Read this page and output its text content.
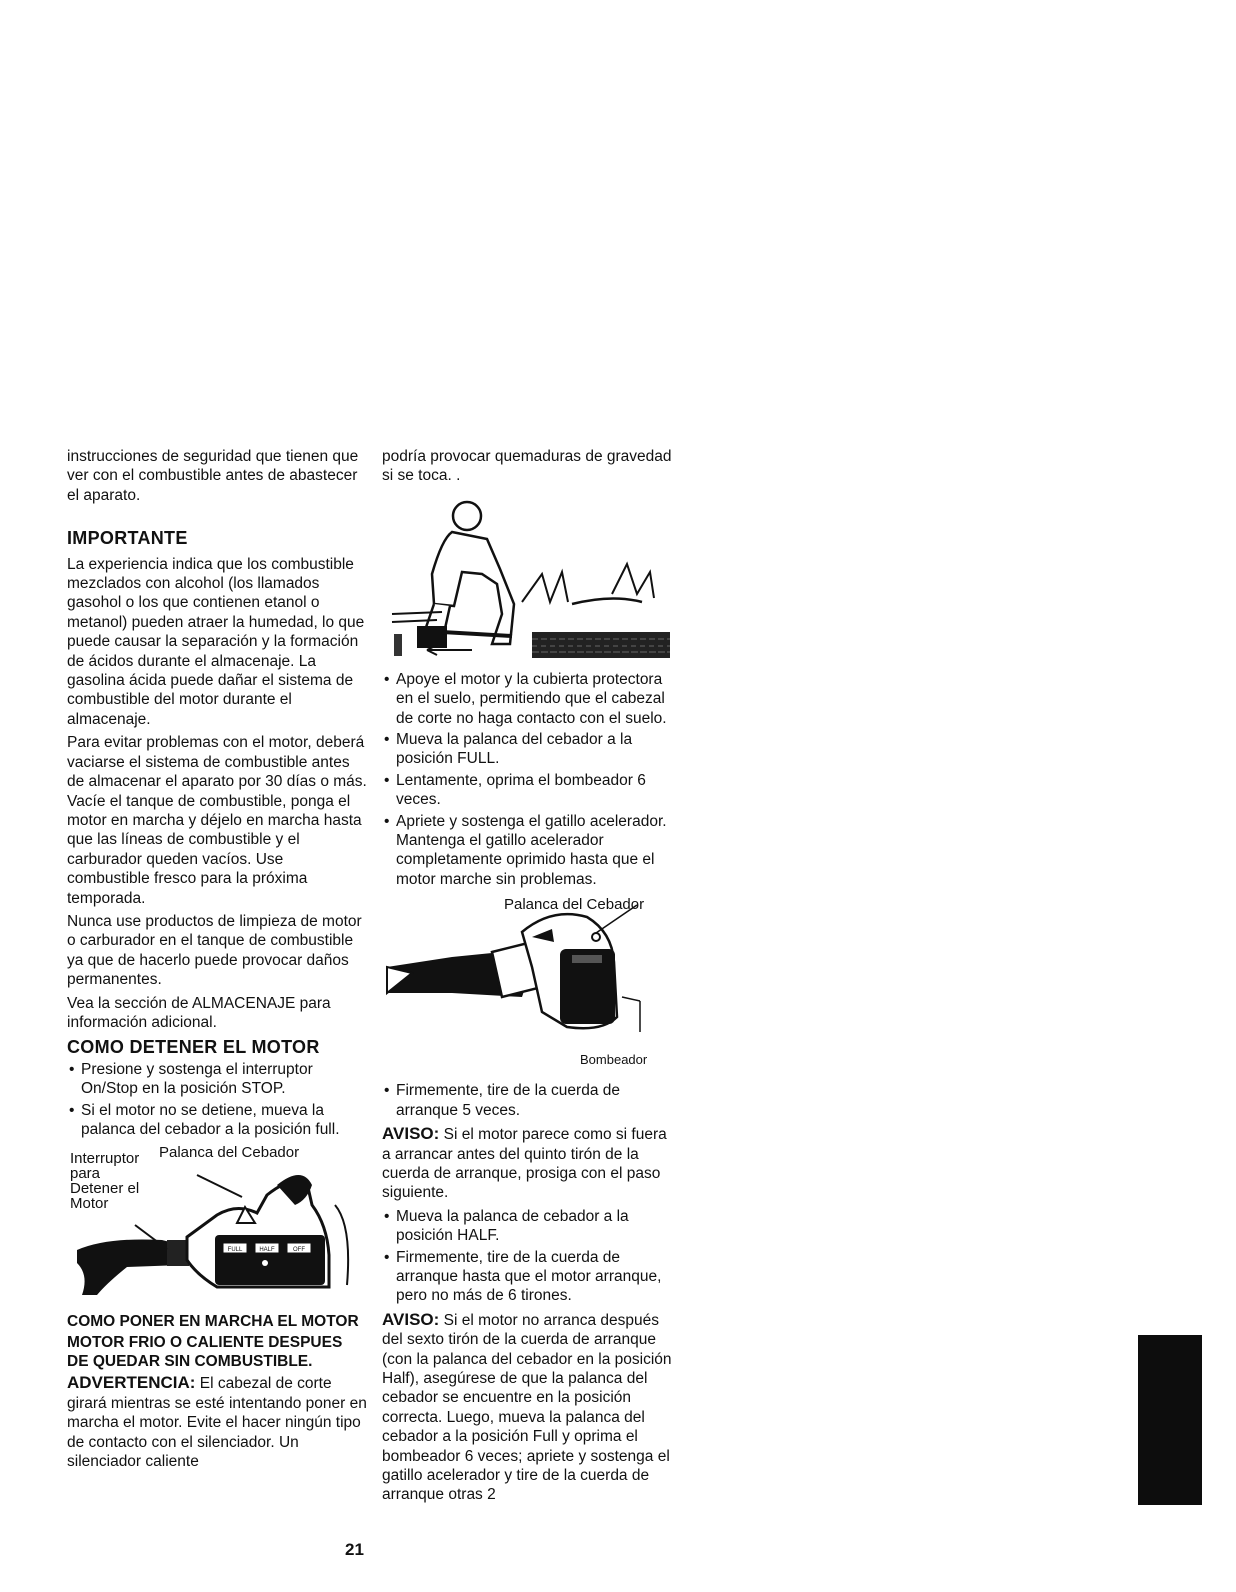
instrucciones de seguridad que tienen que ver con el combustible antes de abastecer el aparato.

IMPORTANTE

La experiencia indica que los combustible mezclados con alcohol (los llamados gasohol o los que contienen etanol o metanol) pueden atraer la humedad, lo que puede causar la separación y la formación de ácidos durante el almacenaje. La gasolina ácida puede dañar el sistema de combustible del motor durante el almacenaje.

Para evitar problemas con el motor, deberá vaciarse el sistema de combustible antes de almacenar el aparato por 30 días o más. Vacíe el tanque de combustible, ponga el motor en marcha y déjelo en marcha hasta que las líneas de combustible y el carburador queden vacíos. Use combustible fresco para la próxima temporada.

Nunca use productos de limpieza de motor o carburador en el tanque de combustible ya que de hacerlo puede provocar daños permanentes.

Vea la sección de ALMACENAJE para información adicional.

COMO DETENER EL MOTOR
• Presione y sostenga el interruptor On/Stop en la posición STOP.
• Si el motor no se detiene, mueva la palanca del cebador a la posición full.
FULL	HALF	OFF
Interruptor para Detener el Motor
Palanca del Cebador
COMO PONER EN MARCHA EL MOTOR
MOTOR FRIO O CALIENTE DESPUES DE QUEDAR SIN COMBUSTIBLE.

ADVERTENCIA: El cabezal de corte girará mientras se esté intentando poner en marcha el motor. Evite el hacer ningún tipo de contacto con el silenciador. Un silenciador caliente

podría provocar quemaduras de gravedad si se toca. .

• Apoye el motor y la cubierta protectora en el suelo, permitiendo que el cabezal de corte no haga contacto con el suelo.
• Mueva la palanca del cebador a la posición FULL.
• Lentamente, oprima el bombeador 6 veces.
• Apriete y sostenga el gatillo acelerador. Mantenga el gatillo acelerador completamente oprimido hasta que el motor marche sin problemas.
Palanca del Cebador
Bombeador
• Firmemente, tire de la cuerda de arranque 5 veces.

AVISO: Si el motor parece como si fuera a arrancar antes del quinto tirón de la cuerda de arranque, prosiga con el paso siguiente.

• Mueva la palanca de cebador a la posición HALF.
• Firmemente, tire de la cuerda de arranque hasta que el motor arranque, pero no más de 6 tirones.

AVISO: Si el motor no arranca después del sexto tirón de la cuerda de arranque (con la palanca del cebador en la posición Half), asegúrese de que la palanca del cebador se encuentre en la posición correcta. Luego, mueva la palanca del cebador a la posición Full y oprima el bombeador 6 veces; apriete y sostenga el gatillo acelerador y tire de la cuerda de arranque otras 2

21
